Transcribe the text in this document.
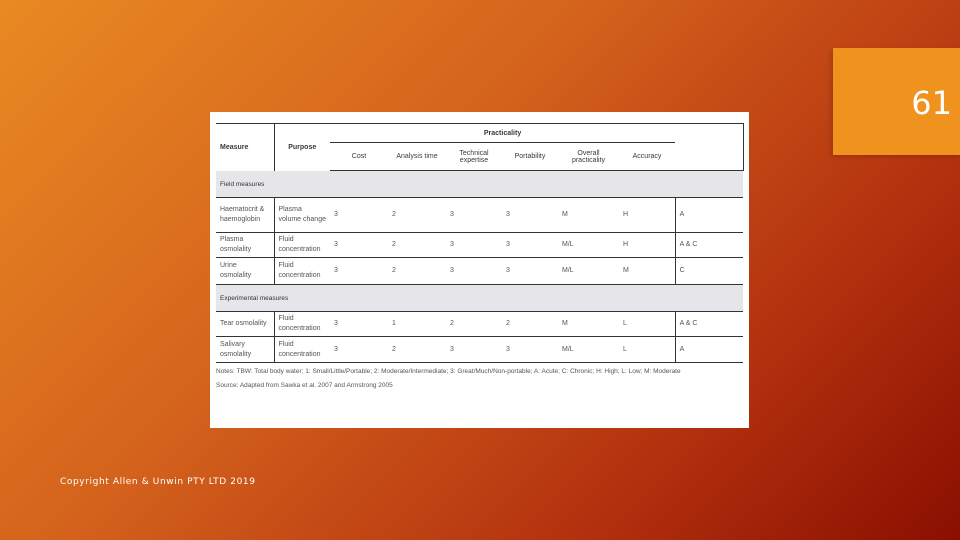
61
Measure	Purpose	Practicality						
		Cost	Analysis time	Technical expertise	Portability	Overall practicality	Accuracy	
Field measures								
Haematocrit & haemoglobin	Plasma volume change	3	2	3	3	M	H	A
Plasma osmolality	Fluid concentration	3	2	3	3	M/L	H	A & C
Urine osmolality	Fluid concentration	3	2	3	3	M/L	M	C
Experimental measures								
Tear osmolality	Fluid concentration	3	1	2	2	M	L	A & C
Salivary osmolality	Fluid concentration	3	2	3	3	M/L	L	A
Notes: TBW: Total body water; 1: Small/Little/Portable; 2: Moderate/Intermediate; 3: Great/Much/Non-portable; A: Acute; C: Chronic; H: High; L: Low; M: Moderate
Source: Adapted from Sawka et al. 2007 and Armstrong 2005
Copyright Allen & Unwin PTY LTD 2019
